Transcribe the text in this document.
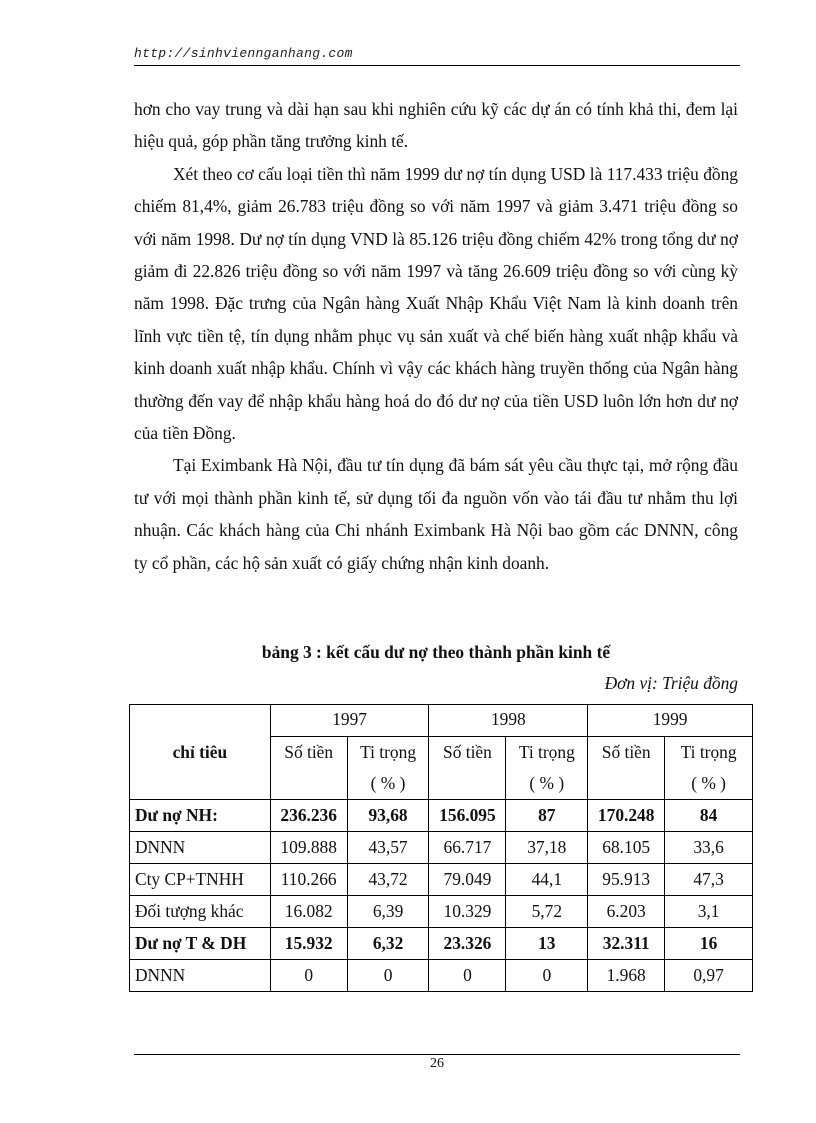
http://sinhviennganhang.com

hơn cho vay trung và dài hạn sau khi nghiên cứu kỹ các dự án có tính khả thi, đem lại hiệu quả, góp phần tăng trưởng kinh tế.

Xét theo cơ cấu loại tiền thì năm 1999 dư nợ tín dụng USD là 117.433 triệu đồng chiếm 81,4%, giảm 26.783 triệu đồng so với năm 1997 và giảm 3.471 triệu đồng so với năm 1998. Dư nợ tín dụng VND là 85.126 triệu đồng chiếm 42% trong tổng dư nợ giảm đi 22.826 triệu đồng so với năm 1997 và tăng 26.609 triệu đồng so với cùng kỳ năm 1998. Đặc trưng của Ngân hàng Xuất Nhập Khẩu Việt Nam là kinh doanh trên lĩnh vực tiền tệ, tín dụng nhằm phục vụ sản xuất và chế biến hàng xuất nhập khẩu và kinh doanh xuất nhập khẩu. Chính vì vậy các khách hàng truyền thống của Ngân hàng thường đến vay để nhập khẩu hàng hoá do đó dư nợ của tiền USD luôn lớn hơn dư nợ của tiền Đồng.

Tại Eximbank Hà Nội, đầu tư tín dụng đã bám sát yêu cầu thực tại, mở rộng đầu tư với mọi thành phần kinh tế, sử dụng tối đa nguồn vốn vào tái đầu tư nhằm thu lợi nhuận. Các khách hàng của Chi nhánh Eximbank Hà Nội bao gồm các DNNN, công ty cổ phần, các hộ sản xuất có giấy chứng nhận kinh doanh.

bảng 3 : kết cấu dư nợ theo thành phần kinh tế
Đơn vị: Triệu đồng
	1997		1998		1999	
chỉ tiêu	Số tiền	Ti trọng	Số tiền	Ti trọng	Số tiền	Ti trọng
		( % )		( % )		( % )
Dư nợ NH:	236.236	93,68	156.095	87	170.248	84
DNNN	109.888	43,57	66.717	37,18	68.105	33,6
Cty CP+TNHH	110.266	43,72	79.049	44,1	95.913	47,3
Đối tượng khác	16.082	6,39	10.329	5,72	6.203	3,1
Dư nợ T & DH	15.932	6,32	23.326	13	32.311	16
DNNN	0	0	0	0	1.968	0,97
26
